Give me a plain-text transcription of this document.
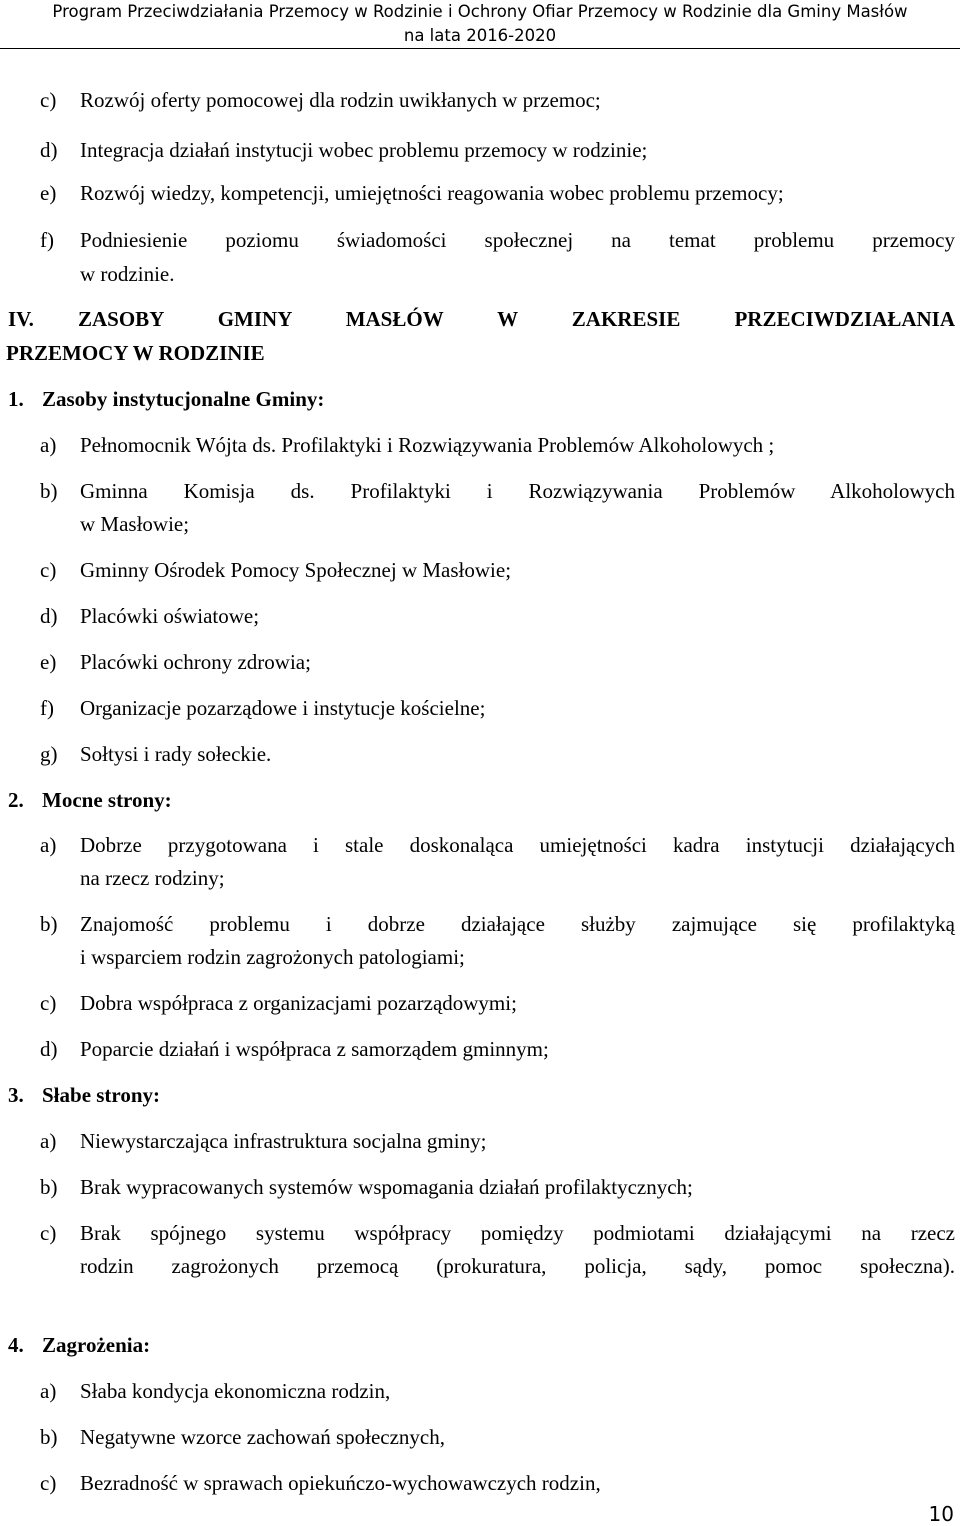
Program Przeciwdziałania Przemocy w Rodzinie i Ochrony Ofiar Przemocy w Rodzinie dla Gminy Masłów
na lata 2016-2020
c) Rozwój oferty pomocowej dla rodzin uwikłanych w przemoc;
d) Integracja działań instytucji wobec problemu przemocy w rodzinie;
e) Rozwój wiedzy, kompetencji, umiejętności reagowania wobec problemu przemocy;
f) Podniesienie poziomu świadomości społecznej na temat problemu przemocy
w rodzinie.
IV. ZASOBY GMINY MASŁÓW W ZAKRESIE PRZECIWDZIAŁANIA
PRZEMOCY W RODZINIE
1. Zasoby instytucjonalne Gminy:
a) Pełnomocnik Wójta ds. Profilaktyki i Rozwiązywania Problemów Alkoholowych ;
b) Gminna Komisja ds. Profilaktyki i Rozwiązywania Problemów Alkoholowych
w Masłowie;
c) Gminny Ośrodek Pomocy Społecznej w Masłowie;
d) Placówki oświatowe;
e) Placówki ochrony zdrowia;
f) Organizacje pozarządowe i instytucje kościelne;
g) Sołtysi i rady sołeckie.
2. Mocne strony:
a) Dobrze przygotowana i stale doskonaląca umiejętności kadra instytucji działających
na rzecz rodziny;
b) Znajomość problemu i dobrze działające służby zajmujące się profilaktyką
i wsparciem rodzin zagrożonych patologiami;
c) Dobra współpraca z organizacjami pozarządowymi;
d) Poparcie działań i współpraca z samorządem gminnym;
3. Słabe strony:
a) Niewystarczająca infrastruktura socjalna gminy;
b) Brak wypracowanych systemów wspomagania działań profilaktycznych;
c) Brak spójnego systemu współpracy pomiędzy podmiotami działającymi na rzecz
rodzin zagrożonych przemocą (prokuratura, policja, sądy, pomoc społeczna).
4. Zagrożenia:
a) Słaba kondycja ekonomiczna rodzin,
b) Negatywne wzorce zachowań społecznych,
c) Bezradność w sprawach opiekuńczo-wychowawczych rodzin,
10
